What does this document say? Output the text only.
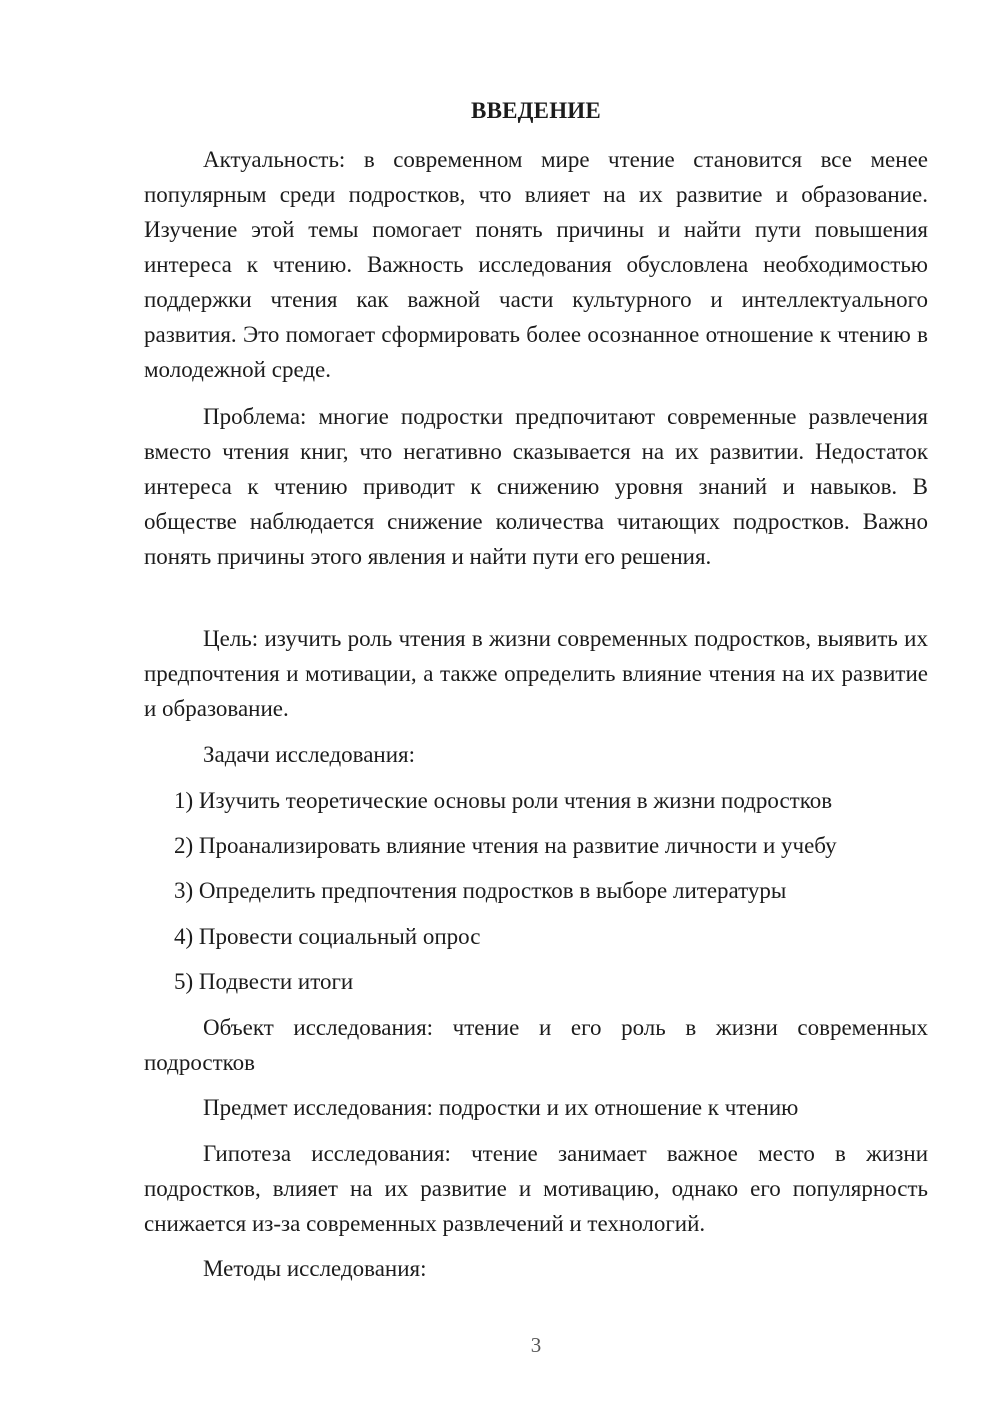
ВВЕДЕНИЕ

Актуальность: в современном мире чтение становится все менее популярным среди подростков, что влияет на их развитие и образование. Изучение этой темы помогает понять причины и найти пути повышения интереса к чтению. Важность исследования обусловлена необходимостью поддержки чтения как важной части культурного и интеллектуального развития. Это помогает сформировать более осознанное отношение к чтению в молодежной среде.

Проблема: многие подростки предпочитают современные развлечения вместо чтения книг, что негативно сказывается на их развитии. Недостаток интереса к чтению приводит к снижению уровня знаний и навыков. В обществе наблюдается снижение количества читающих подростков. Важно понять причины этого явления и найти пути его решения.

Цель: изучить роль чтения в жизни современных подростков, выявить их предпочтения и мотивации, а также определить влияние чтения на их развитие и образование.

Задачи исследования:

1) Изучить теоретические основы роли чтения в жизни подростков
2) Проанализировать влияние чтения на развитие личности и учебу
3) Определить предпочтения подростков в выборе литературы
4) Провести социальный опрос
5) Подвести итоги

Объект исследования: чтение и его роль в жизни современных подростков

Предмет исследования: подростки и их отношение к чтению

Гипотеза исследования: чтение занимает важное место в жизни подростков, влияет на их развитие и мотивацию, однако его популярность снижается из-за современных развлечений и технологий.

Методы исследования:

3
